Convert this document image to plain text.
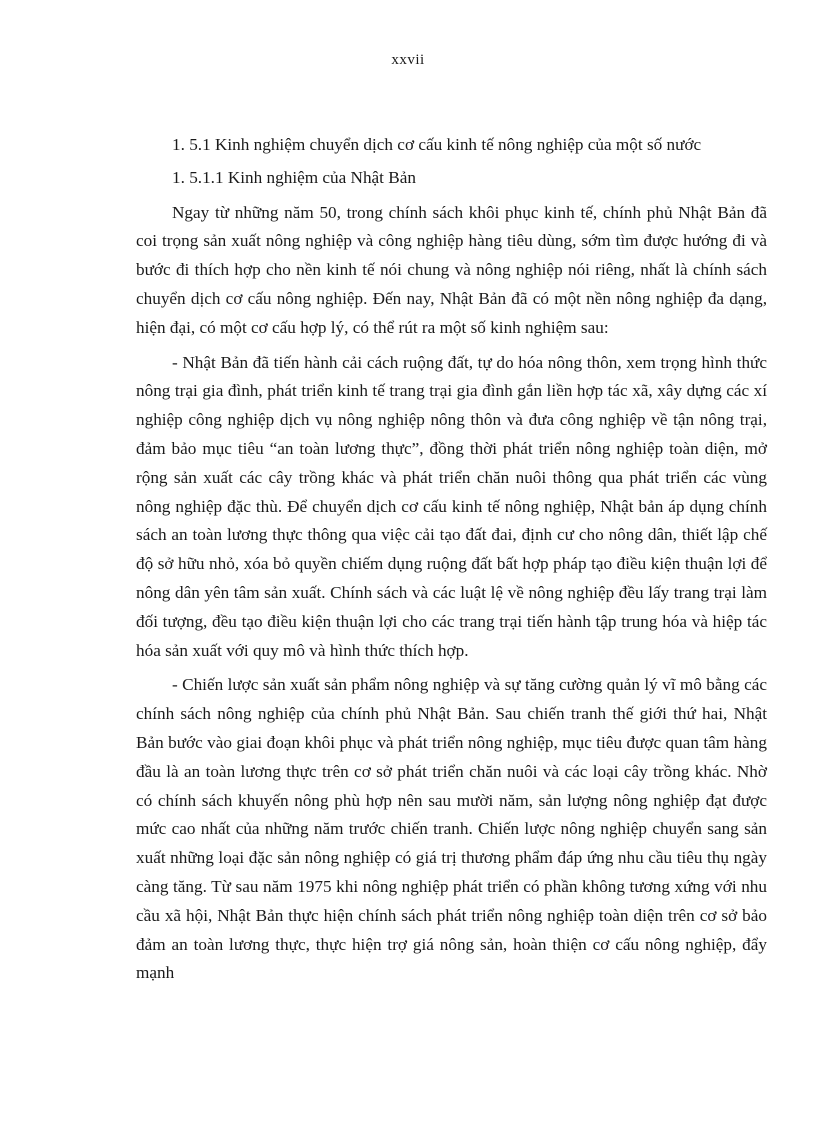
xxvii

1. 5.1 Kinh nghiệm chuyển dịch cơ cấu kinh tế nông nghiệp của một số nước

1. 5.1.1 Kinh nghiệm của Nhật Bản

Ngay từ những năm 50, trong chính sách khôi phục kinh tế, chính phủ Nhật Bản đã coi trọng sản xuất nông nghiệp và công nghiệp hàng tiêu dùng, sớm tìm được hướng đi và bước đi thích hợp cho nền kinh tế nói chung và nông nghiệp nói riêng, nhất là chính sách chuyển dịch cơ cấu nông nghiệp. Đến nay, Nhật Bản đã có một nền nông nghiệp đa dạng, hiện đại, có một cơ cấu hợp lý, có thể rút ra một số kinh nghiệm sau:

- Nhật Bản đã tiến hành cải cách ruộng đất, tự do hóa nông thôn, xem trọng hình thức nông trại gia đình, phát triển kinh tế trang trại gia đình gắn liền hợp tác xã, xây dựng các xí nghiệp công nghiệp dịch vụ nông nghiệp nông thôn và đưa công nghiệp về tận nông trại, đảm bảo mục tiêu “an toàn lương thực”, đồng thời phát triển nông nghiệp toàn diện, mở rộng sản xuất các cây trồng khác và phát triển chăn nuôi thông qua phát triển các vùng nông nghiệp đặc thù. Để chuyển dịch cơ cấu kinh tế nông nghiệp, Nhật bản áp dụng chính sách an toàn lương thực thông qua việc cải tạo đất đai, định cư cho nông dân, thiết lập chế độ sở hữu nhỏ, xóa bỏ quyền chiếm dụng ruộng đất bất hợp pháp tạo điều kiện thuận lợi để nông dân yên tâm sản xuất. Chính sách và các luật lệ về nông nghiệp đều lấy trang trại làm đối tượng, đều tạo điều kiện thuận lợi cho các trang trại tiến hành tập trung hóa và hiệp tác hóa sản xuất với quy mô và hình thức thích hợp.

- Chiến lược sản xuất sản phẩm nông nghiệp và sự tăng cường quản lý vĩ mô bằng các chính sách nông nghiệp của chính phủ Nhật Bản. Sau chiến tranh thế giới thứ hai, Nhật Bản bước vào giai đoạn khôi phục và phát triển nông nghiệp, mục tiêu được quan tâm hàng đầu là an toàn lương thực trên cơ sở phát triển chăn nuôi và các loại cây trồng khác. Nhờ có chính sách khuyến nông phù hợp nên sau mười năm, sản lượng nông nghiệp đạt được mức cao nhất của những năm trước chiến tranh. Chiến lược nông nghiệp chuyển sang sản xuất những loại đặc sản nông nghiệp có giá trị thương phẩm đáp ứng nhu cầu tiêu thụ ngày càng tăng. Từ sau năm 1975 khi nông nghiệp phát triển có phần không tương xứng với nhu cầu xã hội, Nhật Bản thực hiện chính sách phát triển nông nghiệp toàn diện trên cơ sở bảo đảm an toàn lương thực, thực hiện trợ giá nông sản, hoàn thiện cơ cấu nông nghiệp, đẩy mạnh
